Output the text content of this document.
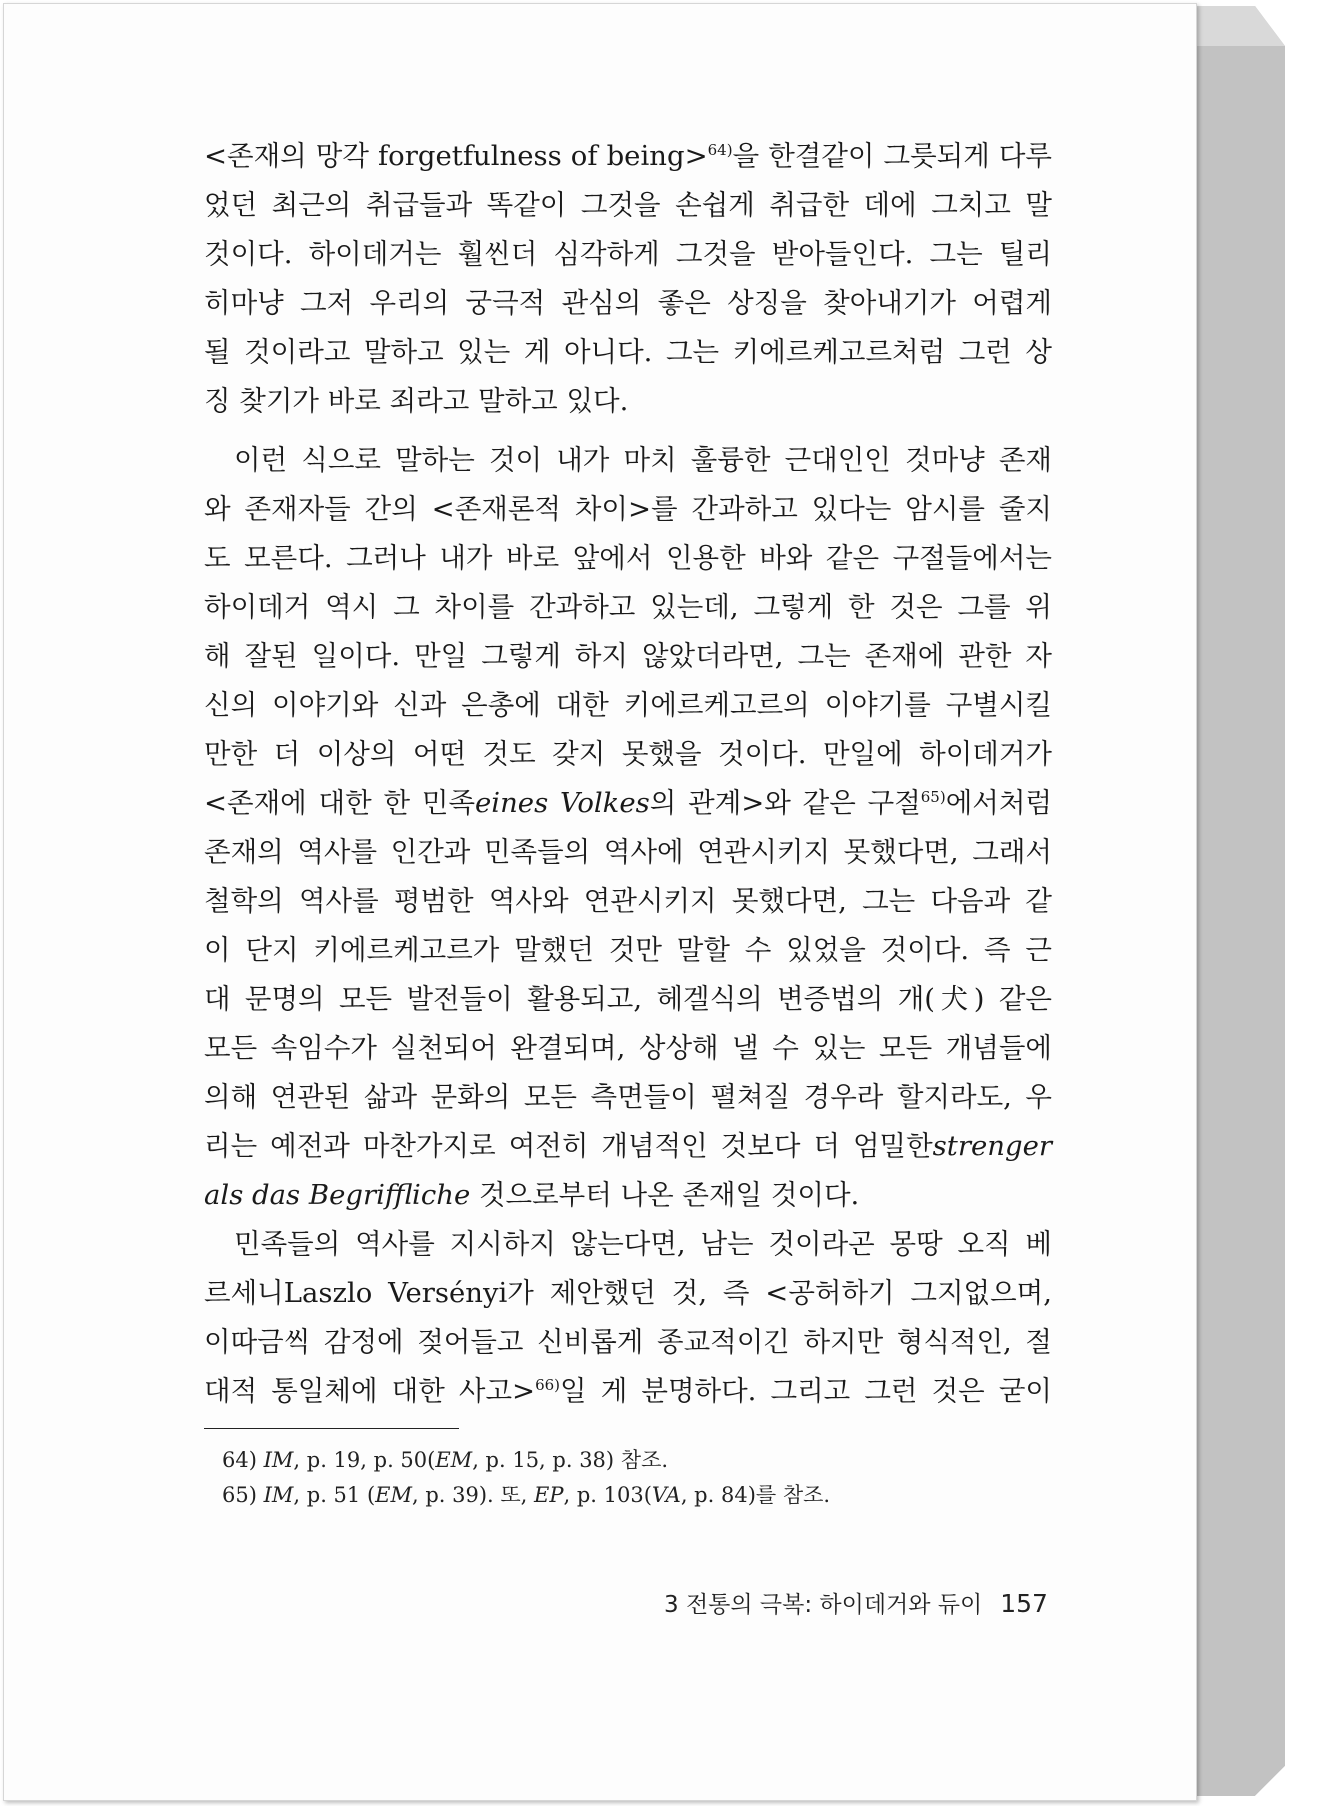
<존재의 망각 forgetfulness of being>$^{64)}$을 한결같이 그릇되게 다루
었던 최근의 취급들과 똑같이 그것을 손쉽게 취급한 데에 그치고 말
것이다. 하이데거는 훨씬더 심각하게 그것을 받아들인다. 그는 틸리
히마냥 그저 우리의 궁극적 관심의 좋은 상징을 찾아내기가 어렵게
될 것이라고 말하고 있는 게 아니다. 그는 키에르케고르처럼 그런 상
징 찾기가 바로 죄라고 말하고 있다.
이런 식으로 말하는 것이 내가 마치 훌륭한 근대인인 것마냥 존재
와 존재자들 간의 <존재론적 차이>를 간과하고 있다는 암시를 줄지
도 모른다. 그러나 내가 바로 앞에서 인용한 바와 같은 구절들에서는
하이데거 역시 그 차이를 간과하고 있는데, 그렇게 한 것은 그를 위
해 잘된 일이다. 만일 그렇게 하지 않았더라면, 그는 존재에 관한 자
신의 이야기와 신과 은총에 대한 키에르케고르의 이야기를 구별시킬
만한 더 이상의 어떤 것도 갖지 못했을 것이다. 만일에 하이데거가
<존재에 대한 한 민족eines Volkes의 관계>와 같은 구절$^{65)}$에서처럼
존재의 역사를 인간과 민족들의 역사에 연관시키지 못했다면, 그래서
철학의 역사를 평범한 역사와 연관시키지 못했다면, 그는 다음과 같
이 단지 키에르케고르가 말했던 것만 말할 수 있었을 것이다. 즉 근
대 문명의 모든 발전들이 활용되고, 헤겔식의 변증법의 개(犬) 같은
모든 속임수가 실천되어 완결되며, 상상해 낼 수 있는 모든 개념들에
의해 연관된 삶과 문화의 모든 측면들이 펼쳐질 경우라 할지라도, 우
리는 예전과 마찬가지로 여전히 개념적인 것보다 더 엄밀한strenger
als das Begriffliche 것으로부터 나온 존재일 것이다.
민족들의 역사를 지시하지 않는다면, 남는 것이라곤 몽땅 오직 베
르세니Laszlo Versényi가 제안했던 것, 즉 <공허하기 그지없으며,
이따금씩 감정에 젖어들고 신비롭게 종교적이긴 하지만 형식적인, 절
대적 통일체에 대한 사고>$^{66)}$일 게 분명하다. 그리고 그런 것은 굳이
64) IM, p. 19, p. 50(EM, p. 15, p. 38) 참조.
65) IM, p. 51 (EM, p. 39). 또, EP, p. 103(VA, p. 84)를 참조.
3 전통의 극복: 하이데거와 듀이 157
